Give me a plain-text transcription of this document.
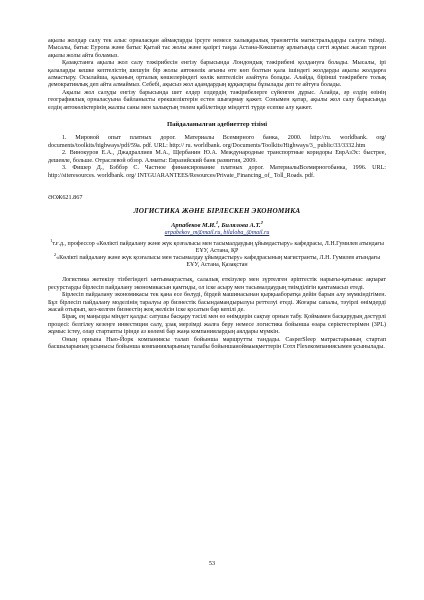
ақылы жолдар салу тек алыс орналасқан аймақтарды ірсуге немесе халықаралық транзиттік магистральдарды салуға тиімді. Мысалы, батыс Еуропа және батыс Қытай тас жолы және қазіргі таңда Астана-Көкшетау арлығында сәтті жұмыс жасап тұрған ақылы жолы айта боламыз.

Қазақстанға ақылы жол салу тәжірибесін енгізу барысында Лондондық тәжірибені қолдануға болады. Мысалы, ірі қалаларды кешке кептелістің шешуін бір жолы автокөлік ағыны өте көп болтын қала ішіндегі жолдарды ақылы жолдарға алмастыру. Осылайша, қаланың орталық көшелеріндегі көлік кептелісін азайтуға болады. Алайда, бірінші тәжірибеге толық демократиялық деп айта алмаймыз. Себебі, ақысыз жол адамдардың құқықтары бұзылады деп те айтуға болады.

Ақылы жол салуды енгізу барысында шет елдер елдердің тәжірибелерге сүйенген дұрыс. Алайда, әр елдің өзінің географиялық орналасуына байланысты ерекшеліктерін естен шығармау қажет. Сонымен қатар, ақылы жол салу барысында елдің автокөліктерінің жалпы саны мен халықтың төлем қабілетінде міндетті түрде есепке алу қажет.

Пайдаланылған әдебиеттер тізімі

1. Мировой опыт платных дорог. Материалы Всемирного банка, 2000. http://ru. worldbank. org/ documents/toolkits/highways/pdf/59a. pdf. URL: http:// ru. worldbank. org/Documents/Toolkits/Highways/3_ public/33/3332.htm

2. Винокуров Е.А., Джадраллиев М.А., Щербанин Ю.А. Международные транспортные коридоры ЕврАзЭс: быстрее, дешевле, больше. Отраслевой обзор. Алматы: Евразийский банк развития, 2009.

3. Фишер Д., Бэббэр С. Частное финансирование платных дорог. МатериалыВсемирногобанка, 1996. URL: http://siteresources. worldbank. org/ INTGUARANTEES/Resources/Private_Financing_of_ Toll_Roads. pdf.

ӘОЖ621.867

ЛОГИСТИКА ЖӘНЕ БІРЛЕСКЕН ЭКОНОМИКА

Арпабеков М.И.$^1$, Билялова А.Т.$^2$

arpabekov_m@mail.ru, bilaloba_@mail.ru

$^1$т.ғ.д., профессор «Көлікті пайдалану және жүк қозғалысы мен тасымалдаудың ұйымдастыру» кафедрасы, Л.Н.Гумилев атындағы ЕҰУ, Астана, ҚР

$^2$«Көлікті пайдалану және жүк қозғалысы мен тасымалдау ұйымдастыру» кафедрасының магистранты, Л.Н. Гумилев атындағы ЕҰУ, Астана, Қазақстан

Логистика жетекізу тізбегіндегі ынтымақтастық, салалық еткізулер мен зүртелген әріптестік нарығы-қатынас ақпарат ресурстарды бірлесіп пайдалану экономикасын қамтиды, ол іске асыру мен тасымалдаудың тиімділігін қамтамасыз етеді.

Бірлесіп пайдалану экономикасы тек қана есе бөлуді, бірдей машинасынан қырқыаборатқа дейін барын алу мүмкіндігімен. Бұл бірлесіп пайдалану моделінің таралуы әр бизнестік басындамандырылуы реттелуі етеді. Жоғары сапалы, тәуірлі өнімдерді жасай отырып, кез-келген бизнестің жоқ желісін іске қосатын бар кепілі де.

Бірақ, ең маңызды міндет қалды: сатушы басқару тәсілі мен өз өнімдерін сақтау орнын табу. Қоймамен басқарудың дәстүрлі процесі: белгілеу кезеңге инвестиция салу, ұзақ мерзімді жалға беру немесе логистика бойынша өзара серіктестерімен (3PL) жұмыс істеу, олар стартапты ірінде аз көлемі бар жаңа компаниялардың аялдары мүмкін.

Оның орнына Нью-Йорк компаниясы талап бойынша маршрутты тандады. CasperSleep матрастарының стартап басшыларының ұсынысы бойынша компанияларының талабы бойыншаиоймаықметтерін Сотл Flexeкомпаниясымен ұсынылады.

53
